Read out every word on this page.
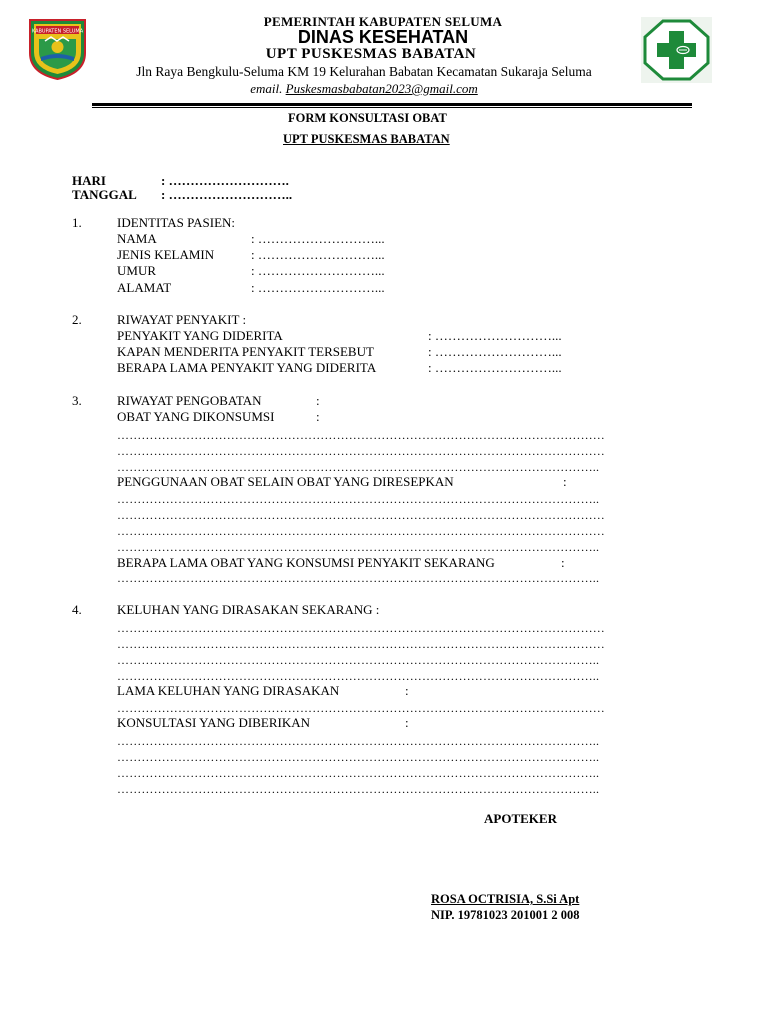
KABUPATEN SELUMA
PEMERINTAH KABUPATEN SELUMA
DINAS KESEHATAN
UPT PUSKESMAS BABATAN
Jln Raya Bengkulu-Seluma KM 19 Kelurahan Babatan Kecamatan Sukaraja Seluma
email. Puskesmasbabatan2023@gmail.com
FORM KONSULTASI OBAT
UPT PUSKESMAS BABATAN
HARI	: ……………………….
TANGGAL : ………………………..
1.	IDENTITAS PASIEN:
NAMA	: ………………………...
JENIS KELAMIN	: ………………………...
UMUR	: ………………………...
ALAMAT	: ………………………...
2.	RIWAYAT PENYAKIT :
PENYAKIT YANG DIDERITA	: ………………………...
KAPAN MENDERITA PENYAKIT TERSEBUT	: ………………………...
BERAPA LAMA PENYAKIT YANG DIDERITA	: ………………………...
3.	RIWAYAT PENGOBATAN	:
OBAT YANG DIKONSUMSI	:
…………………………………………………………………………………………………………
…………………………………………………………………………………………………………
………………………………………………………………………………………………………..
PENGGUNAAN OBAT SELAIN OBAT YANG DIRESEPKAN	:
………………………………………………………………………………………………………..
…………………………………………………………………………………………………………
…………………………………………………………………………………………………………
………………………………………………………………………………………………………..
BERAPA LAMA OBAT YANG KONSUMSI PENYAKIT SEKARANG	:
………………………………………………………………………………………………………..
4.	KELUHAN YANG DIRASAKAN SEKARANG :
…………………………………………………………………………………………………………
…………………………………………………………………………………………………………
………………………………………………………………………………………………………..
………………………………………………………………………………………………………..
LAMA KELUHAN YANG DIRASAKAN	:
…………………………………………………………………………………………………………
KONSULTASI YANG DIBERIKAN	:
………………………………………………………………………………………………………..
………………………………………………………………………………………………………..
………………………………………………………………………………………………………..
………………………………………………………………………………………………………..
APOTEKER
ROSA OCTRISIA, S.Si Apt
NIP. 19781023 201001 2 008
